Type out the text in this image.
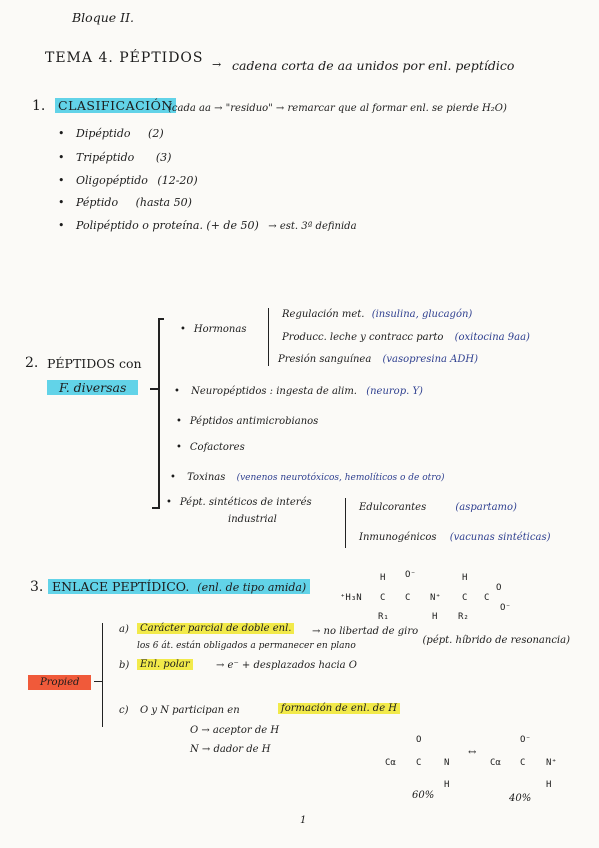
Bloque II.
TEMA 4. PÉPTIDOS → cadena corta de aa unidos por enl. peptídico
1. CLASIFICACIÓN
(cada aa → "residuo" → remarcar que al formar enl. se pierde H₂O)
• Dipéptido (2)
• Tripéptido (3)
• Oligopéptido (12-20)
• Péptido (hasta 50)
• Polipéptido o proteína. (+ de 50) → est. 3ª definida
2. PÉPTIDOS con
F. diversas
• Hormonas
Regulación met. (insulina, glucagón)
Producc. leche y contracc parto (oxitocina 9aa)
Presión sanguínea (vasopresina ADH)
• Neuropéptidos : ingesta de alim. (neurop. Y)
• Péptidos antimicrobianos
• Cofactores
• Toxinas (venenos neurotóxicos, hemolíticos o de otro)
• Pépt. sintéticos de interés
industrial
Edulcorantes	(aspartamo)
Inmunogénicos (vacunas sintéticas)
3. ENLACE PEPTÍDICO. (enl. de tipo amida)
⁺H₃N
H
C
R₁
O⁻
C N⁺
H
H
C
R₂
C
O
O⁻
Propied
a)	Carácter parcial de doble enl.	→ no libertad de giro
(pépt. híbrido de resonancia)
los 6 át. están obligados a permanecer en plano
b)	Enl. polar	→ e⁻ + desplazados hacia O
c) O y N participan en	formación de enl. de H
O → aceptor de H
N → dador de H
Cα
O
C	N
H
60%
↔
Cα
O⁻
C N⁺
H
40%
1
